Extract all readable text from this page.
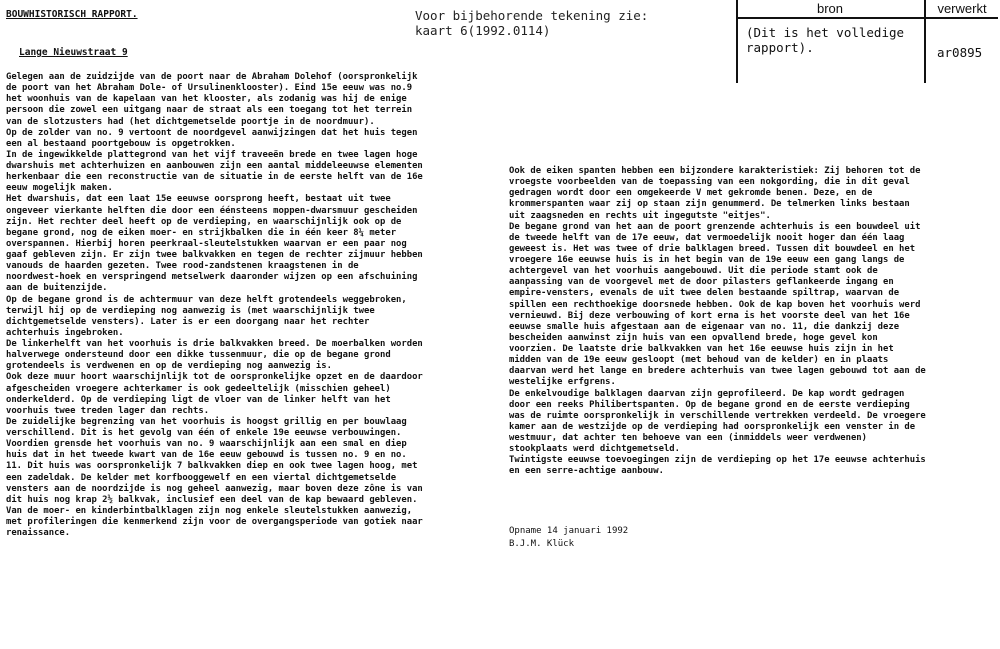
BOUWHISTORISCH RAPPORT.
Lange Nieuwstraat 9
Voor bijbehorende tekening zie:
kaart 6(1992.0114)
bron	verwerkt
(Dit is het volledige
rapport).	ar0895
Gelegen aan de zuidzijde van de poort naar de Abraham Dolehof (oorspronkelijk
de poort van het Abraham Dole- of Ursulinenklooster). Eind 15e eeuw was no.9
het woonhuis van de kapelaan van het klooster, als zodanig was hij de enige
persoon die zowel een uitgang naar de straat als een toegang tot het terrein
van de slotzusters had (het dichtgemetselde poortje in de noordmuur).
Op de zolder van no. 9 vertoont de noordgevel aanwijzingen dat het huis tegen
een al bestaand poortgebouw is opgetrokken.
In de ingewikkelde plattegrond van het vijf traveeën brede en twee lagen hoge
dwarshuis met achterhuizen en aanbouwen zijn een aantal middeleeuwse elementen
herkenbaar die een reconstructie van de situatie in de eerste helft van de 16e
eeuw mogelijk maken.
Het dwarshuis, dat een laat 15e eeuwse oorsprong heeft, bestaat uit twee
ongeveer vierkante helften die door een éénsteens moppen-dwarsmuur gescheiden
zijn. Het rechter deel heeft op de verdieping, en waarschijnlijk ook op de
begane grond, nog de eiken moer- en strijkbalken die in één keer 8¼ meter
overspannen. Hierbij horen peerkraal-sleutelstukken waarvan er een paar nog
gaaf gebleven zijn. Er zijn twee balkvakken en tegen de rechter zijmuur hebben
vanouds de haarden gezeten. Twee rood-zandstenen kraagstenen in de
noordwest-hoek en verspringend metselwerk daaronder wijzen op een afschuining
aan de buitenzijde.
Op de begane grond is de achtermuur van deze helft grotendeels weggebroken,
terwijl hij op de verdieping nog aanwezig is (met waarschijnlijk twee
dichtgemetselde vensters). Later is er een doorgang naar het rechter
achterhuis ingebroken.
De linkerhelft van het voorhuis is drie balkvakken breed. De moerbalken worden
halverwege ondersteund door een dikke tussenmuur, die op de begane grond
grotendeels is verdwenen en op de verdieping nog aanwezig is.
Ook deze muur hoort waarschijnlijk tot de oorspronkelijke opzet en de daardoor
afgescheiden vroegere achterkamer is ook gedeeltelijk (misschien geheel)
onderkelderd. Op de verdieping ligt de vloer van de linker helft van het
voorhuis twee treden lager dan rechts.
De zuidelijke begrenzing van het voorhuis is hoogst grillig en per bouwlaag
verschillend. Dit is het gevolg van één of enkele 19e eeuwse verbouwingen.
Voordien grensde het voorhuis van no. 9 waarschijnlijk aan een smal en diep
huis dat in het tweede kwart van de 16e eeuw gebouwd is tussen no. 9 en no.
11. Dit huis was oorspronkelijk 7 balkvakken diep en ook twee lagen hoog, met
een zadeldak. De kelder met korfbooggewelf en een viertal dichtgemetselde
vensters aan de noordzijde is nog geheel aanwezig, maar boven deze zône is van
dit huis nog krap 2½ balkvak, inclusief een deel van de kap bewaard gebleven.
Van de moer- en kinderbintbalklagen zijn nog enkele sleutelstukken aanwezig,
met profileringen die kenmerkend zijn voor de overgangsperiode van gotiek naar
renaissance.
Ook de eiken spanten hebben een bijzondere karakteristiek: Zij behoren tot de
vroegste voorbeelden van de toepassing van een nokgording, die in dit geval
gedragen wordt door een omgekeerde V met gekromde benen. Deze, en de
krommerspanten waar zij op staan zijn genummerd. De telmerken links bestaan
uit zaagsneden en rechts uit ingegutste "eitjes".
De begane grond van het aan de poort grenzende achterhuis is een bouwdeel uit
de tweede helft van de 17e eeuw, dat vermoedelijk nooit hoger dan één laag
geweest is. Het was twee of drie balklagen breed. Tussen dit bouwdeel en het
vroegere 16e eeuwse huis is in het begin van de 19e eeuw een gang langs de
achtergevel van het voorhuis aangebouwd. Uit die periode stamt ook de
aanpassing van de voorgevel met de door pilasters geflankeerde ingang en
empire-vensters, evenals de uit twee delen bestaande spiltrap, waarvan de
spillen een rechthoekige doorsnede hebben. Ook de kap boven het voorhuis werd
vernieuwd. Bij deze verbouwing of kort erna is het voorste deel van het 16e
eeuwse smalle huis afgestaan aan de eigenaar van no. 11, die dankzij deze
bescheiden aanwinst zijn huis van een opvallend brede, hoge gevel kon
voorzien. De laatste drie balkvakken van het 16e eeuwse huis zijn in het
midden van de 19e eeuw gesloopt (met behoud van de kelder) en in plaats
daarvan werd het lange en bredere achterhuis van twee lagen gebouwd tot aan de
westelijke erfgrens.
De enkelvoudige balklagen daarvan zijn geprofileerd. De kap wordt gedragen
door een reeks Philibertspanten. Op de begane grond en de eerste verdieping
was de ruimte oorspronkelijk in verschillende vertrekken verdeeld. De vroegere
kamer aan de westzijde op de verdieping had oorspronkelijk een venster in de
westmuur, dat achter ten behoeve van een (inmiddels weer verdwenen)
stookplaats werd dichtgemetseld.
Twintigste eeuwse toevoegingen zijn de verdieping op het 17e eeuwse achterhuis
en een serre-achtige aanbouw.
Opname 14 januari 1992
B.J.M. Klück
